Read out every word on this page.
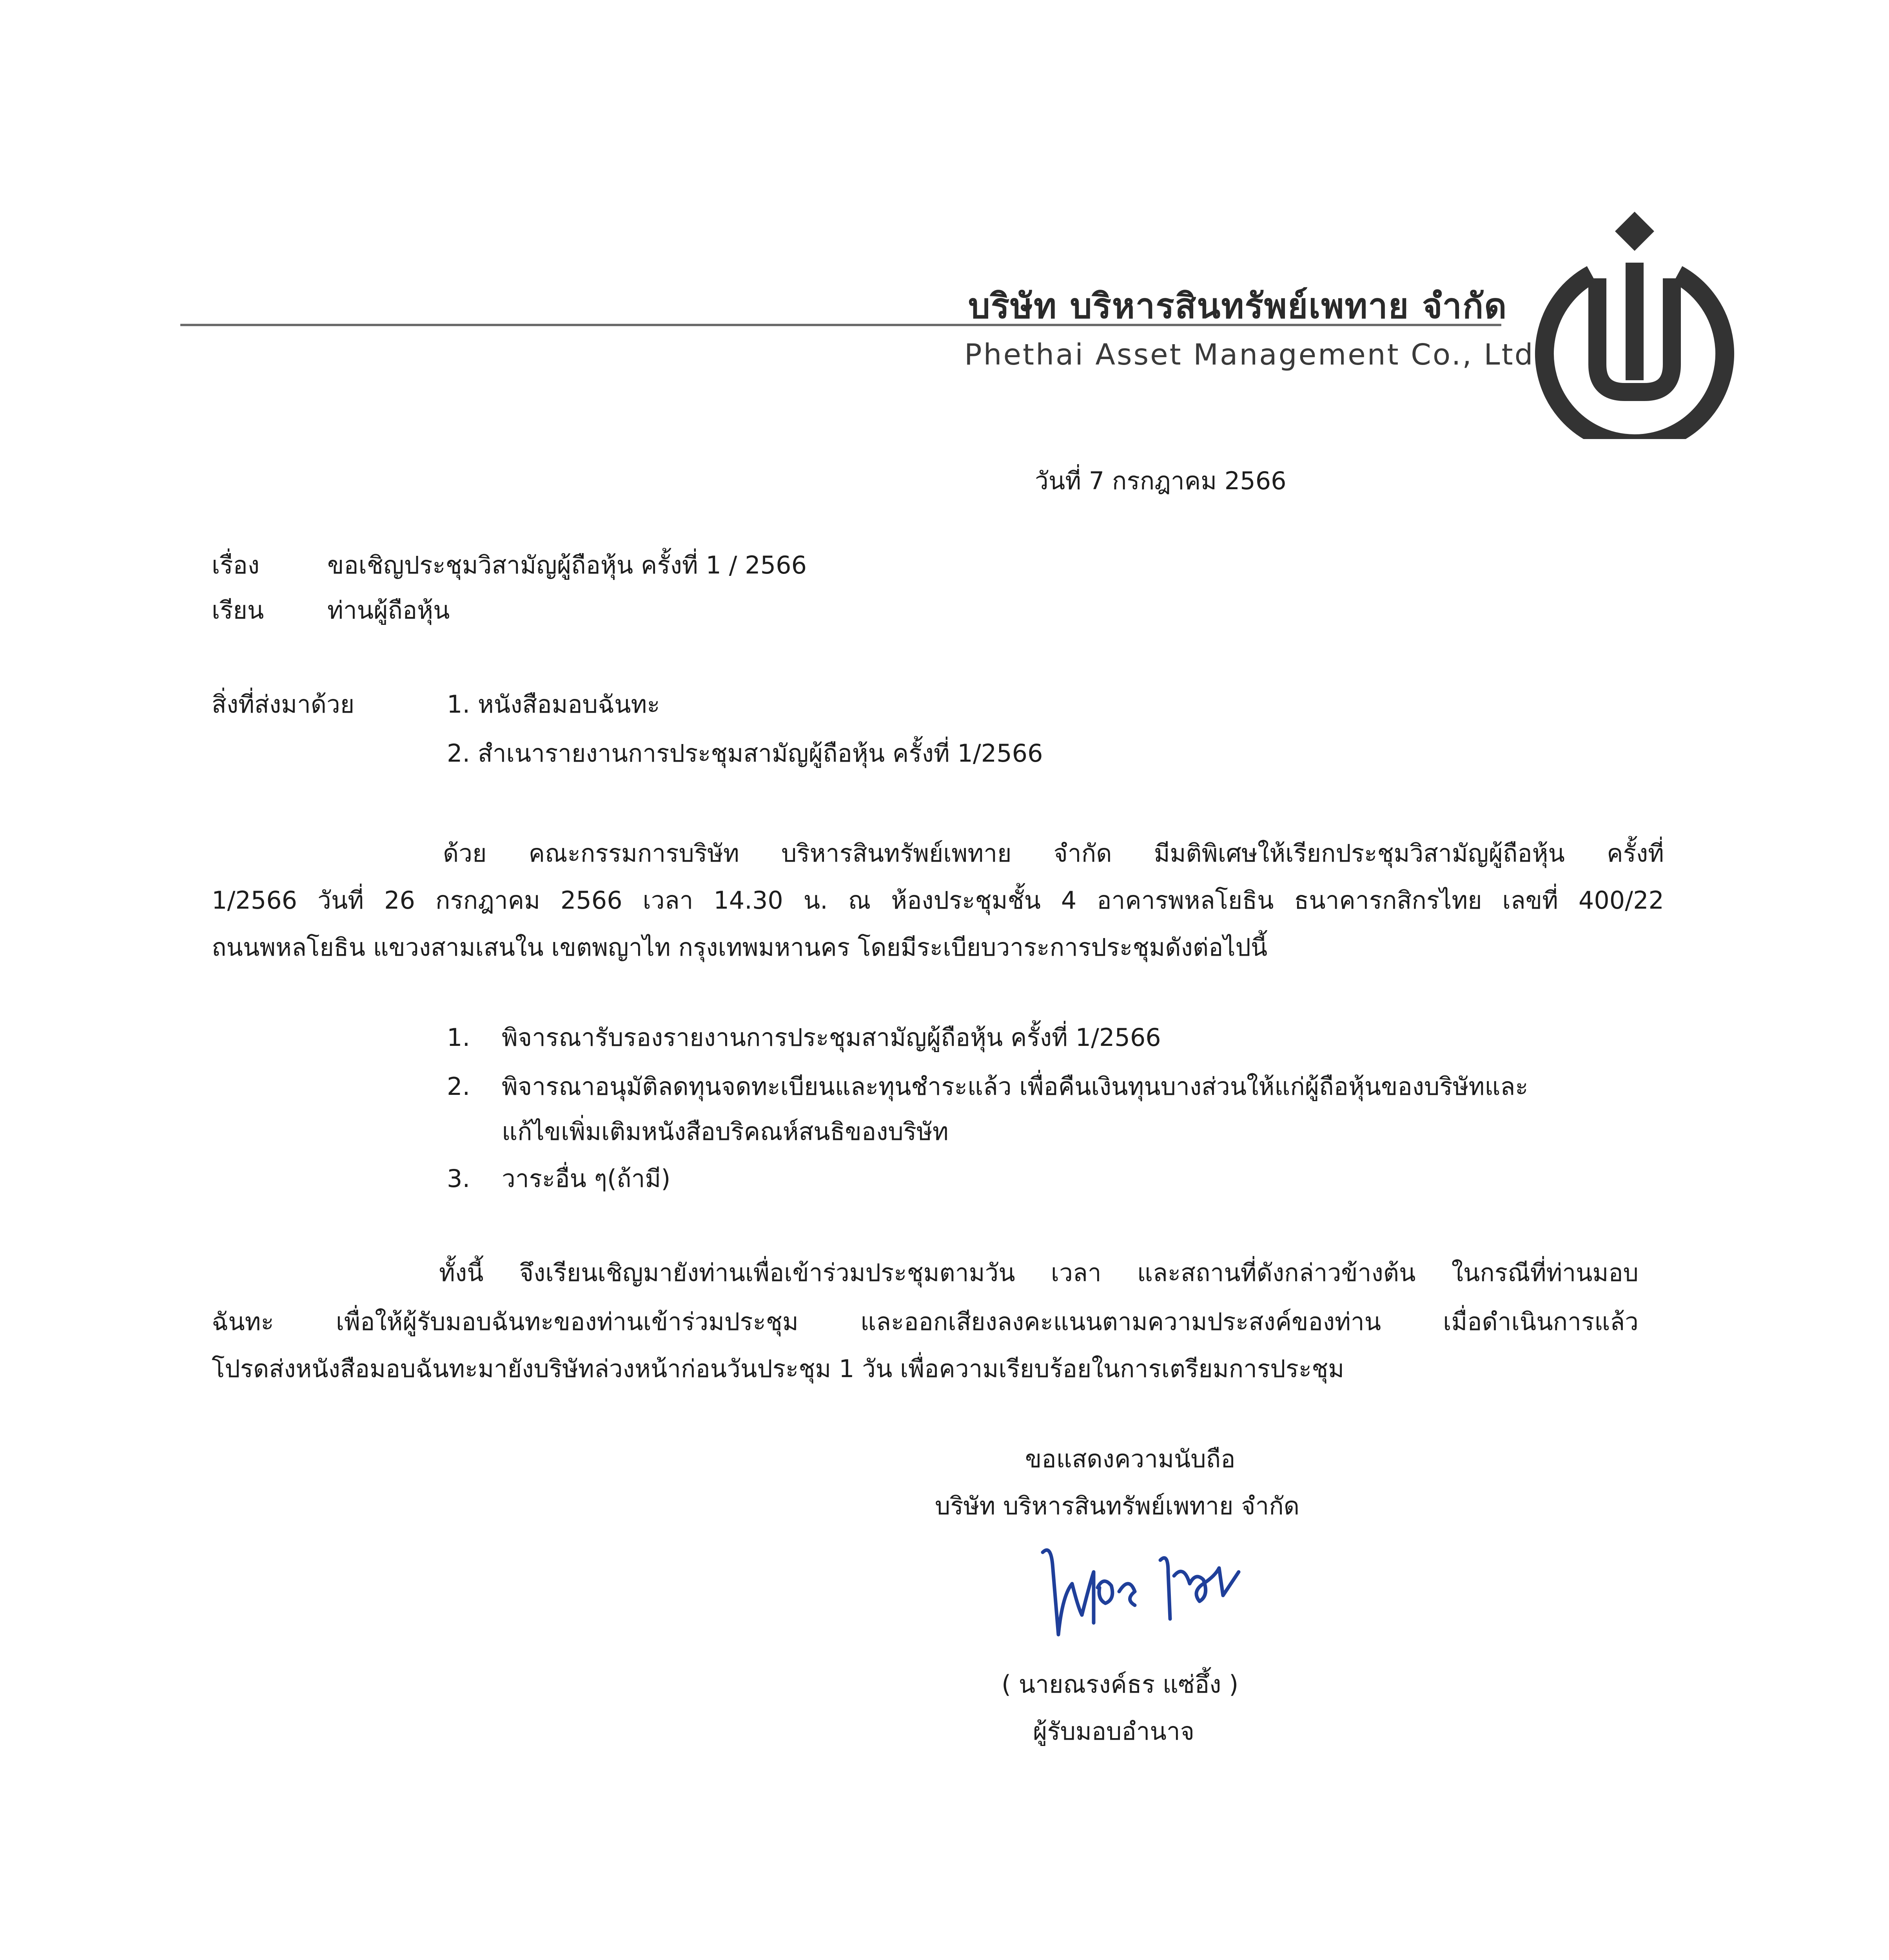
บริษัท บริหารสินทรัพย์เพทาย จำกัด
Phethai Asset Management Co., Ltd.
วันที่ 7 กรกฎาคม 2566
เรื่อง	ขอเชิญประชุมวิสามัญผู้ถือหุ้น ครั้งที่ 1 / 2566
เรียน	ท่านผู้ถือหุ้น
สิ่งที่ส่งมาด้วย	1. หนังสือมอบฉันทะ
2. สำเนารายงานการประชุมสามัญผู้ถือหุ้น ครั้งที่ 1/2566
ด้วย คณะกรรมการบริษัท บริหารสินทรัพย์เพทาย จำกัด มีมติพิเศษให้เรียกประชุมวิสามัญผู้ถือหุ้น ครั้งที่
1/2566 วันที่ 26 กรกฎาคม 2566 เวลา 14.30 น. ณ ห้องประชุมชั้น 4 อาคารพหลโยธิน ธนาคารกสิกรไทย เลขที่ 400/22
ถนนพหลโยธิน แขวงสามเสนใน เขตพญาไท กรุงเทพมหานคร โดยมีระเบียบวาระการประชุมดังต่อไปนี้
1. พิจารณารับรองรายงานการประชุมสามัญผู้ถือหุ้น ครั้งที่ 1/2566
2. พิจารณาอนุมัติลดทุนจดทะเบียนและทุนชำระแล้ว เพื่อคืนเงินทุนบางส่วนให้แก่ผู้ถือหุ้นของบริษัทและ
แก้ไขเพิ่มเติมหนังสือบริคณห์สนธิของบริษัท
3. วาระอื่น ๆ(ถ้ามี)
ทั้งนี้ จึงเรียนเชิญมายังท่านเพื่อเข้าร่วมประชุมตามวัน เวลา และสถานที่ดังกล่าวข้างต้น ในกรณีที่ท่านมอบ
ฉันทะ เพื่อให้ผู้รับมอบฉันทะของท่านเข้าร่วมประชุม และออกเสียงลงคะแนนตามความประสงค์ของท่าน เมื่อดำเนินการแล้ว
โปรดส่งหนังสือมอบฉันทะมายังบริษัทล่วงหน้าก่อนวันประชุม 1 วัน เพื่อความเรียบร้อยในการเตรียมการประชุม
ขอแสดงความนับถือ
บริษัท บริหารสินทรัพย์เพทาย จำกัด
( นายณรงค์ธร แซ่อึ้ง )
ผู้รับมอบอำนาจ
